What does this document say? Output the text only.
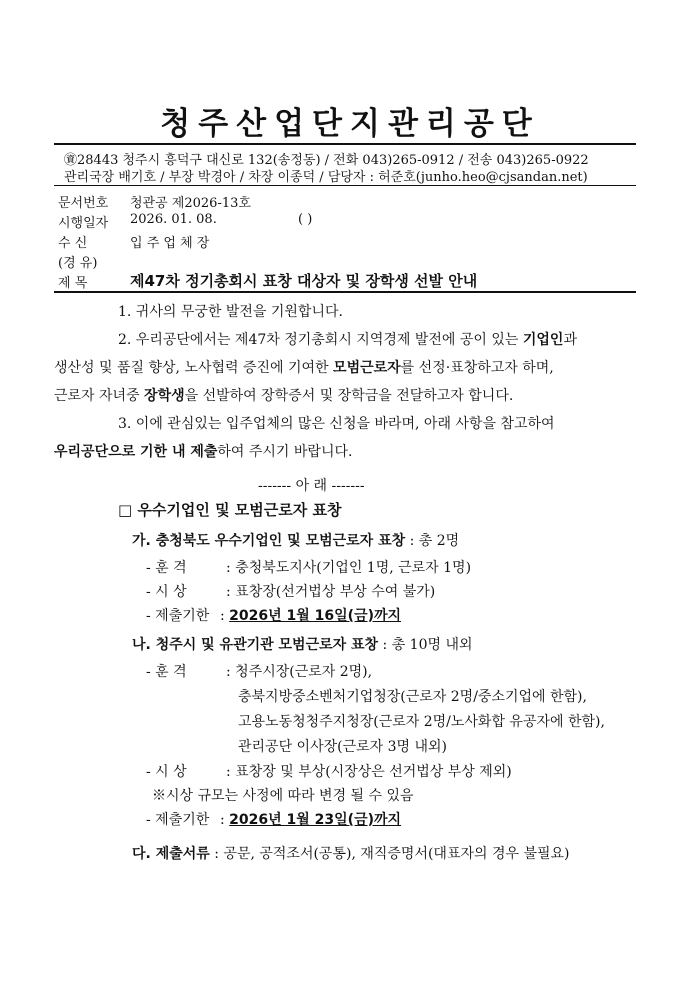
청주산업단지관리공단
㊮28443 청주시 흥덕구 대신로 132(송정동) / 전화 043)265-0912 / 전송 043)265-0922
관리국장 배기호 / 부장 박경아 / 차장 이종덕 / 담당자 : 허준호(junho.heo@cjsandan.net)
문서번호 청관공 제2026-13호
시행일자 2026. 01. 08.	( )
수 신	입 주 업 체 장
(경 유)
제 목	제47차 정기총회시 표창 대상자 및 장학생 선발 안내
1. 귀사의 무궁한 발전을 기원합니다.
2. 우리공단에서는 제47차 정기총회시 지역경제 발전에 공이 있는 기업인과
생산성 및 품질 향상, 노사협력 증진에 기여한 모범근로자를 선정·표창하고자 하며,
근로자 자녀중 장학생을 선발하여 장학증서 및 장학금을 전달하고자 합니다.
3. 이에 관심있는 입주업체의 많은 신청을 바라며, 아래 사항을 참고하여
우리공단으로 기한 내 제출하여 주시기 바랍니다.
------- 아 래 -------
□ 우수기업인 및 모범근로자 표창
가. 충청북도 우수기업인 및 모범근로자 표창 : 총 2명
- 훈 격	: 충청북도지사(기업인 1명, 근로자 1명)
- 시 상	: 표창장(선거법상 부상 수여 불가)
- 제출기한 : 2026년 1월 16일(금)까지
나. 청주시 및 유관기관 모범근로자 표창 : 총 10명 내외
- 훈 격	: 청주시장(근로자 2명),
충북지방중소벤처기업청장(근로자 2명/중소기업에 한함),
고용노동청청주지청장(근로자 2명/노사화합 유공자에 한함),
관리공단 이사장(근로자 3명 내외)
- 시 상	: 표창장 및 부상(시장상은 선거법상 부상 제외)
※시상 규모는 사정에 따라 변경 될 수 있음
- 제출기한 : 2026년 1월 23일(금)까지
다. 제출서류 : 공문, 공적조서(공통), 재직증명서(대표자의 경우 불필요)
